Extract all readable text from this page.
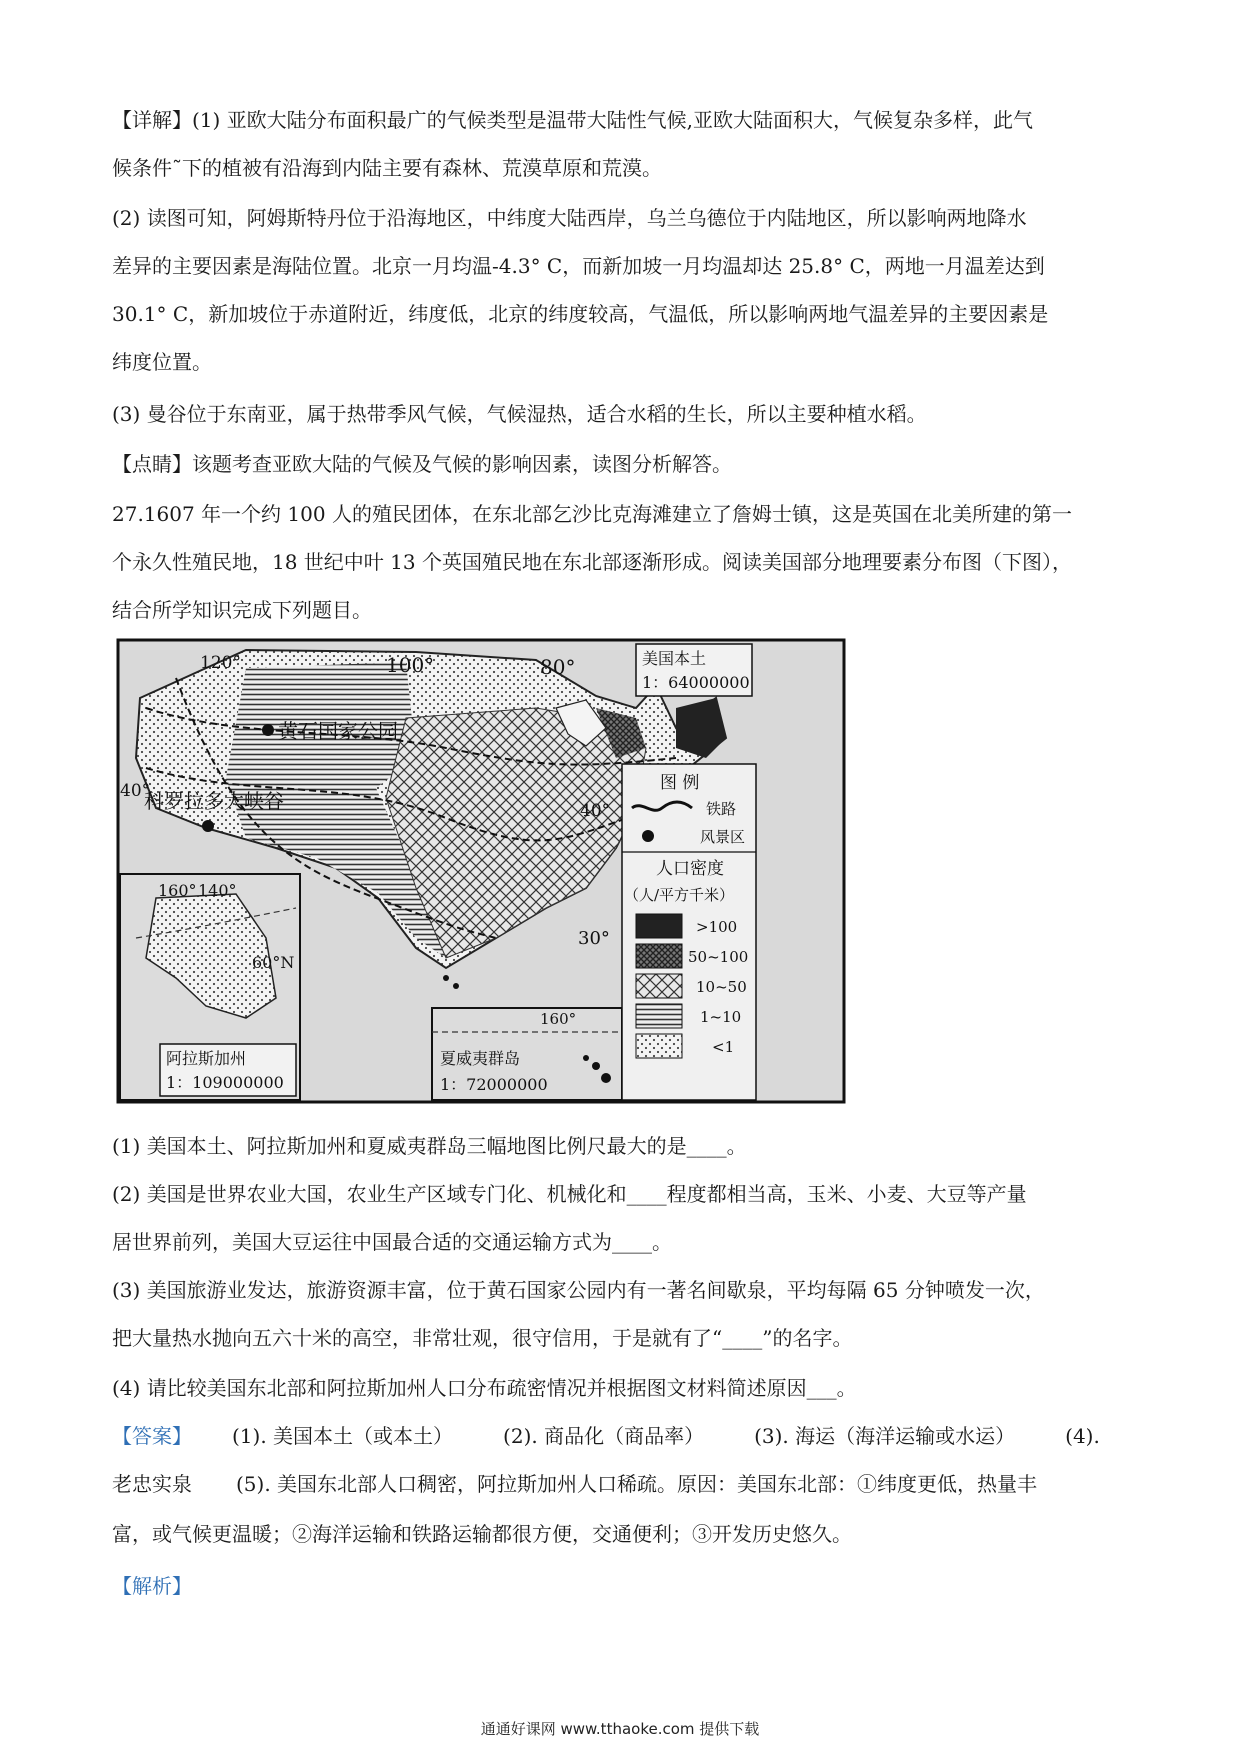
【详解】(1) 亚欧大陆分布面积最广的气候类型是温带大陆性气候,亚欧大陆面积大，气候复杂多样，此气

候条件˜下的植被有沿海到内陆主要有森林、荒漠草原和荒漠。

(2) 读图可知，阿姆斯特丹位于沿海地区，中纬度大陆西岸，乌兰乌德位于内陆地区，所以影响两地降水

差异的主要因素是海陆位置。北京一月均温-4.3° C，而新加坡一月均温却达 25.8° C，两地一月温差达到

30.1° C，新加坡位于赤道附近，纬度低，北京的纬度较高，气温低，所以影响两地气温差异的主要因素是

纬度位置。

(3) 曼谷位于东南亚，属于热带季风气候，气候湿热，适合水稻的生长，所以主要种植水稻。

【点睛】该题考查亚欧大陆的气候及气候的影响因素，读图分析解答。

27.1607 年一个约 100 人的殖民团体，在东北部乞沙比克海滩建立了詹姆士镇，这是英国在北美所建的第一

个永久性殖民地，18 世纪中叶 13 个英国殖民地在东北部逐渐形成。阅读美国部分地理要素分布图（下图），

结合所学知识完成下列题目。

120°	100°	80°
40°
40°
30°
黄石国家公园
科罗拉多大峡谷
美国本土
1：64000000
160° 140°
60°N
阿拉斯加州
1：109000000
160°
夏威夷群岛
1：72000000
图 例
铁路
风景区
人口密度
（人/平方千米）
>100
50~100
10~50
1~10
<1

(1) 美国本土、阿拉斯加州和夏威夷群岛三幅地图比例尺最大的是____。

(2) 美国是世界农业大国，农业生产区域专门化、机械化和____程度都相当高，玉米、小麦、大豆等产量

居世界前列，美国大豆运往中国最合适的交通运输方式为____。

(3) 美国旅游业发达，旅游资源丰富，位于黄石国家公园内有一著名间歇泉，平均每隔 65 分钟喷发一次，

把大量热水抛向五六十米的高空，非常壮观，很守信用，于是就有了“____”的名字。

(4) 请比较美国东北部和阿拉斯加州人口分布疏密情况并根据图文材料简述原因___。

【答案】 (1). 美国本土（或本土）	(2). 商品化（商品率）	(3). 海运（海洋运输或水运）	(4).

老忠实泉 (5). 美国东北部人口稠密，阿拉斯加州人口稀疏。原因：美国东北部：①纬度更低，热量丰

富，或气候更温暖；②海洋运输和铁路运输都很方便，交通便利；③开发历史悠久。

【解析】

通通好课网 www.tthaoke.com 提供下载
